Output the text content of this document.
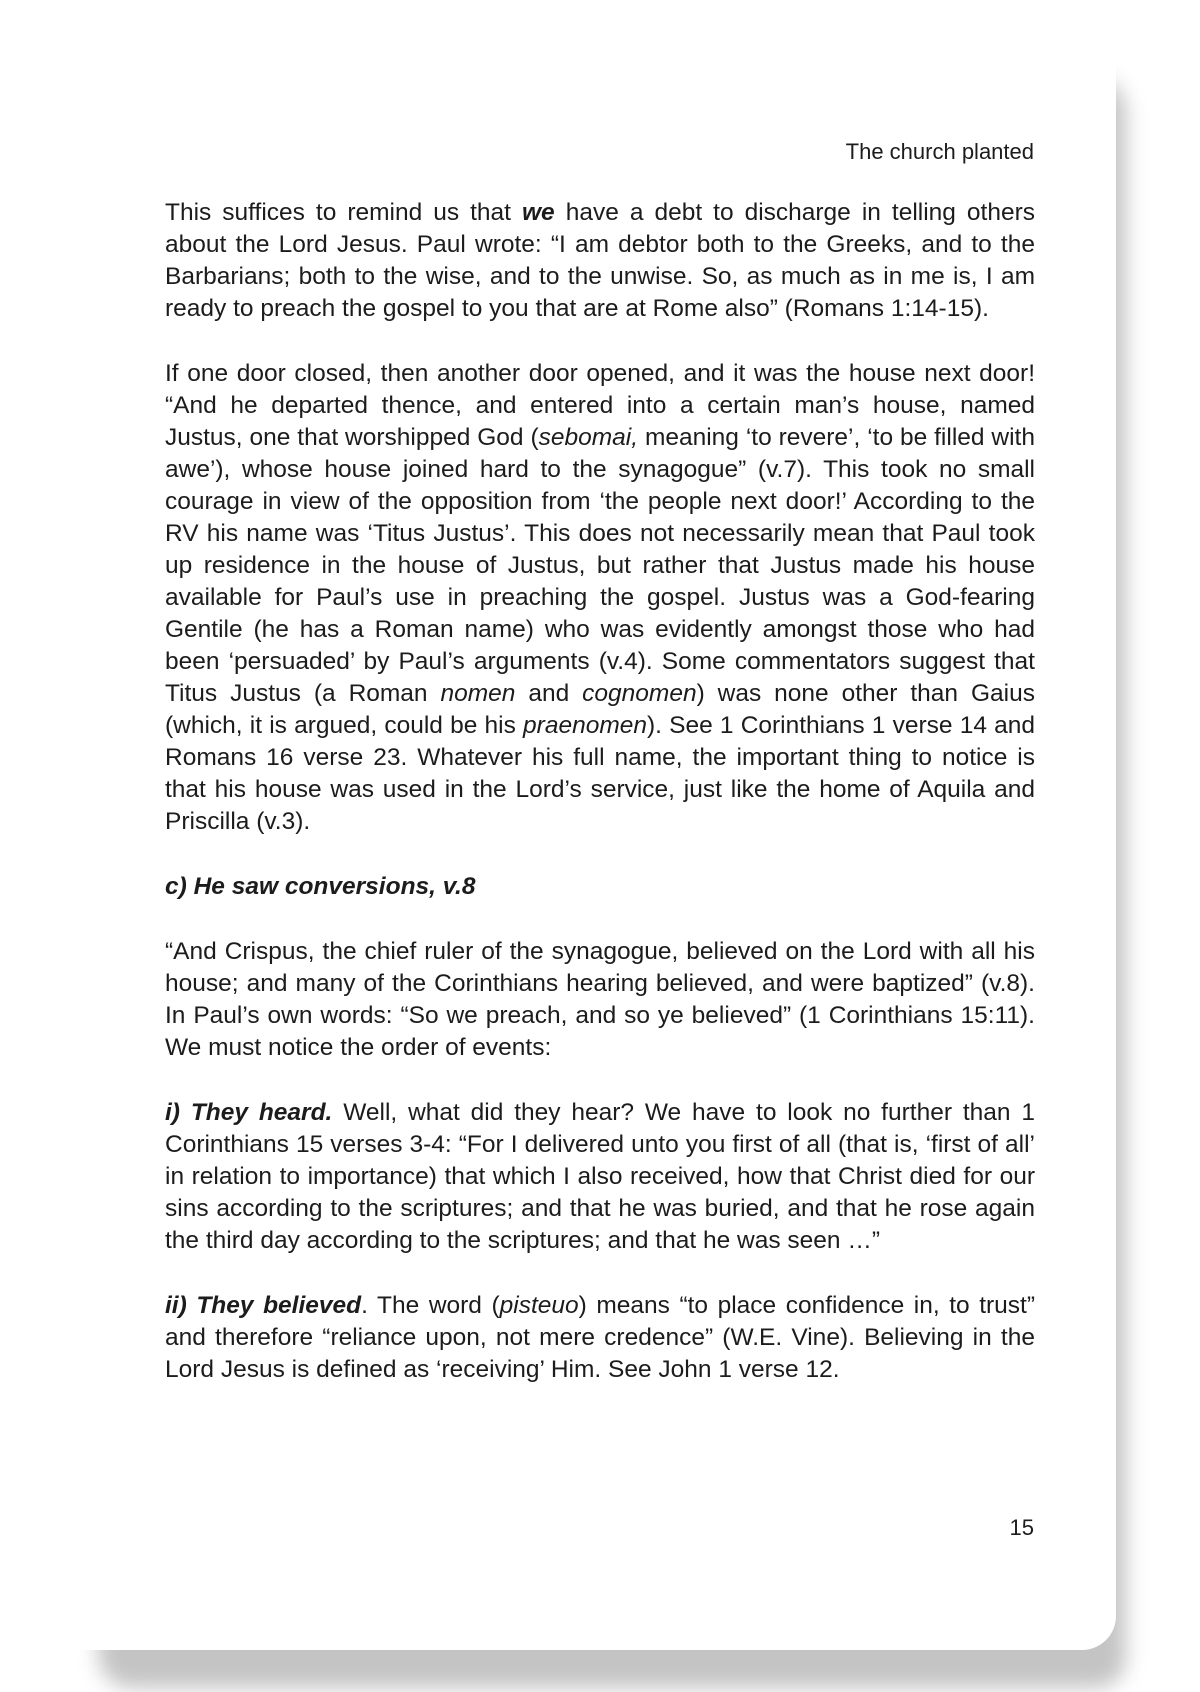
The church planted

This suffices to remind us that we have a debt to discharge in telling others about the Lord Jesus. Paul wrote: “I am debtor both to the Greeks, and to the Barbarians; both to the wise, and to the unwise. So, as much as in me is, I am ready to preach the gospel to you that are at Rome also” (Romans 1:14-15).

If one door closed, then another door opened, and it was the house next door! “And he departed thence, and entered into a certain man’s house, named Justus, one that worshipped God (sebomai, meaning ‘to revere’, ‘to be filled with awe’), whose house joined hard to the synagogue” (v.7). This took no small courage in view of the opposition from ‘the people next door!’ According to the RV his name was ‘Titus Justus’. This does not necessarily mean that Paul took up residence in the house of Justus, but rather that Justus made his house available for Paul’s use in preaching the gospel. Justus was a God-fearing Gentile (he has a Roman name) who was evidently amongst those who had been ‘persuaded’ by Paul’s arguments (v.4). Some commentators suggest that Titus Justus (a Roman nomen and cognomen) was none other than Gaius (which, it is argued, could be his praenomen). See 1 Corinthians 1 verse 14 and Romans 16 verse 23. Whatever his full name, the important thing to notice is that his house was used in the Lord’s service, just like the home of Aquila and Priscilla (v.3).

c) He saw conversions, v.8

“And Crispus, the chief ruler of the synagogue, believed on the Lord with all his house; and many of the Corinthians hearing believed, and were baptized” (v.8). In Paul’s own words: “So we preach, and so ye believed” (1 Corinthians 15:11). We must notice the order of events:

i) They heard. Well, what did they hear? We have to look no further than 1 Corinthians 15 verses 3-4: “For I delivered unto you first of all (that is, ‘first of all’ in relation to importance) that which I also received, how that Christ died for our sins according to the scriptures; and that he was buried, and that he rose again the third day according to the scriptures; and that he was seen …”

ii) They believed. The word (pisteuo) means “to place confidence in, to trust” and therefore “reliance upon, not mere credence” (W.E. Vine). Believing in the Lord Jesus is defined as ‘receiving’ Him. See John 1 verse 12.

15
